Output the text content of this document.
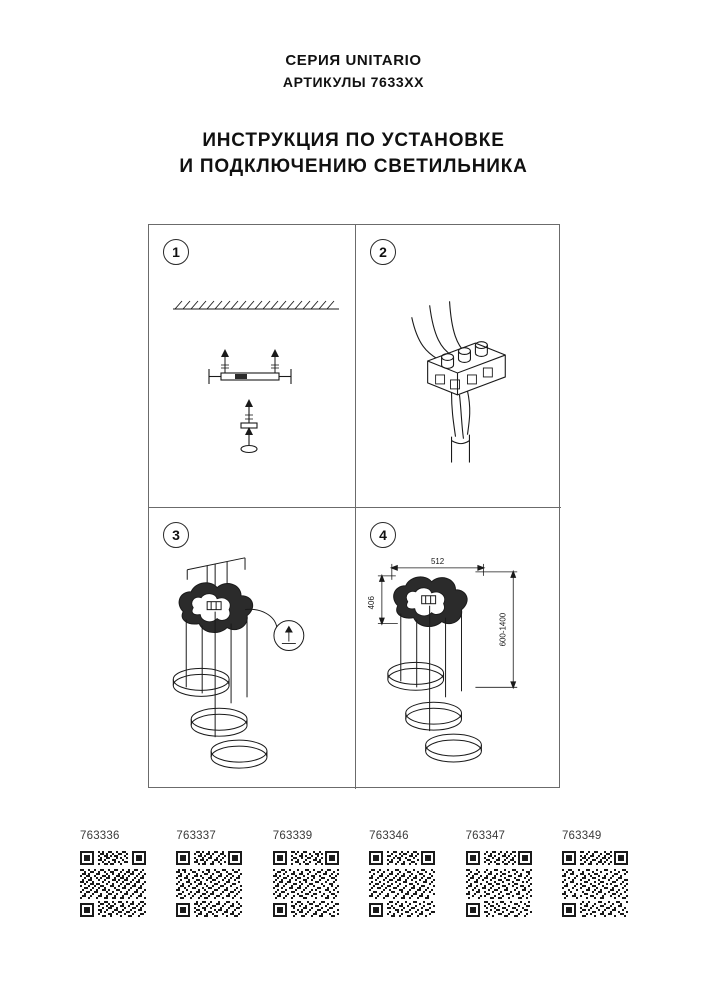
СЕРИЯ UNITARIO
АРТИКУЛЫ 7633ХХ
ИНСТРУКЦИЯ ПО УСТАНОВКЕ
И ПОДКЛЮЧЕНИЮ СВЕТИЛЬНИКА
1	2
3	4
512
406
600-1400
763336	763337	763339	763346	763347	763349
